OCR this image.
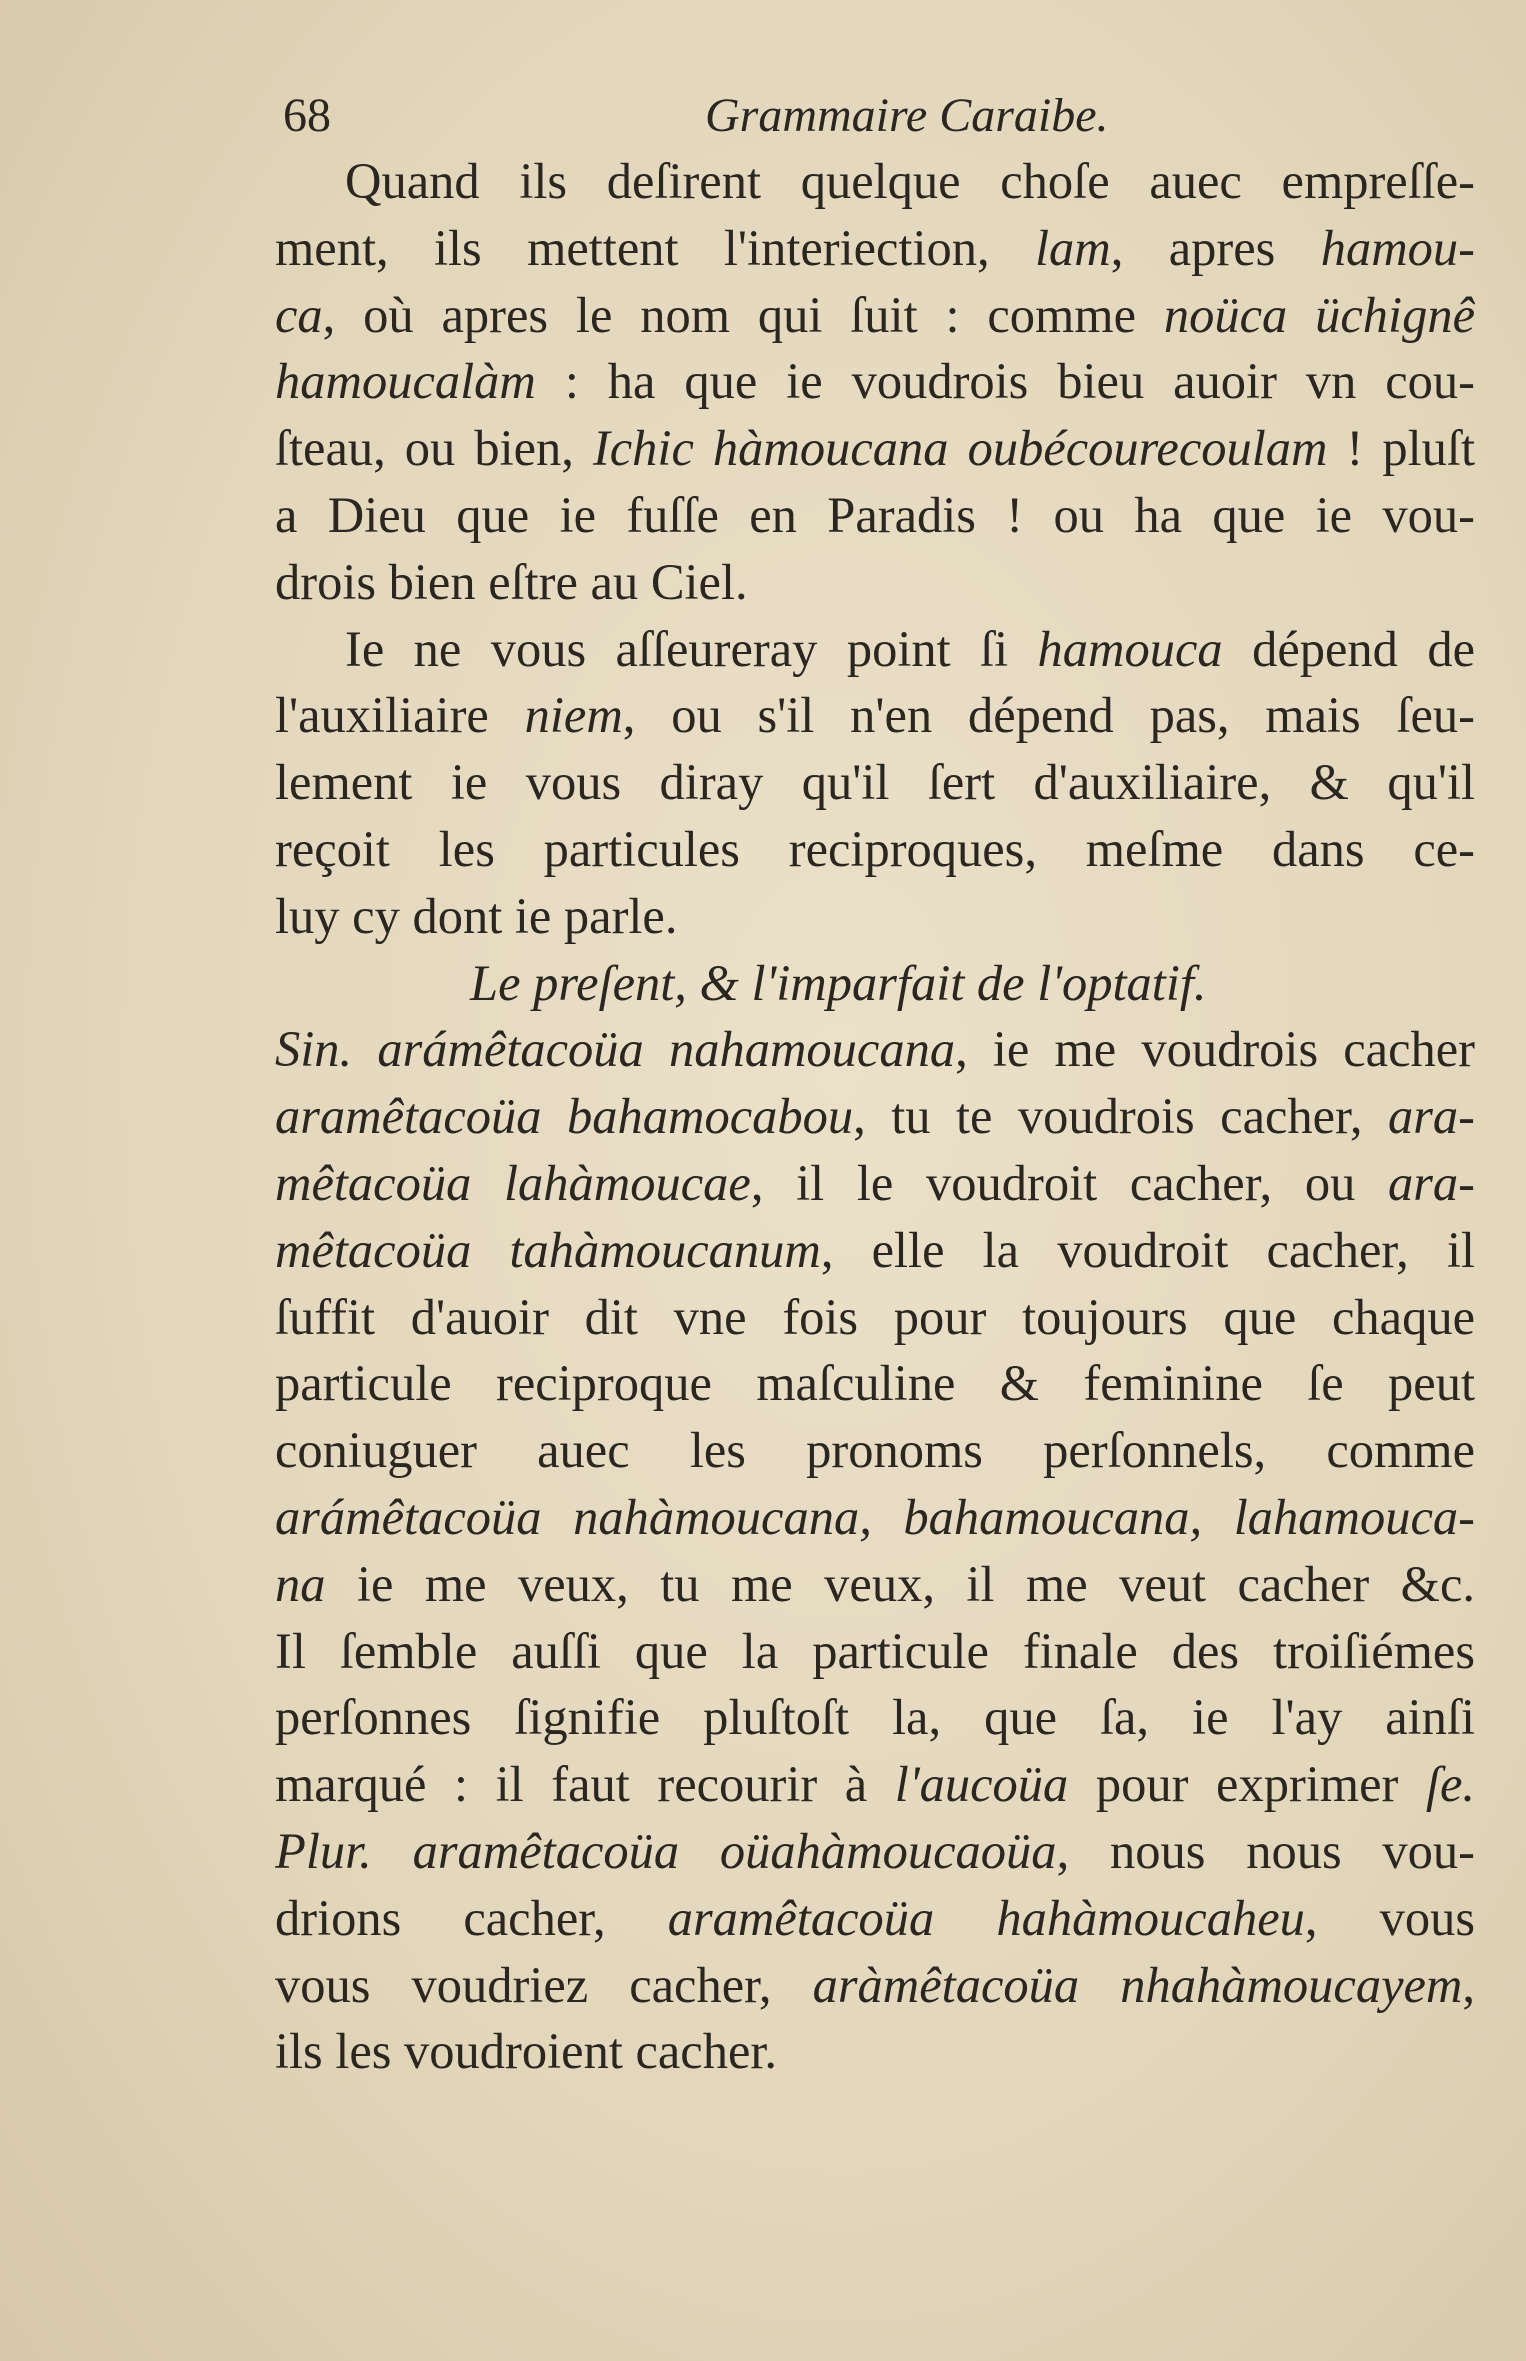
68	Grammaire Caraibe.
Quand ils deſirent quelque choſe auec empreſſe-
ment, ils mettent l'interiection, lam, apres hamou-
ca, où apres le nom qui ſuit : comme noüca üchignê
hamoucalàm : ha que ie voudrois bieu auoir vn cou-
ſteau, ou bien, Ichic hàmoucana oubécourecoulam ! pluſt
a Dieu que ie fuſſe en Paradis ! ou ha que ie vou-
drois bien eſtre au Ciel.
Ie ne vous aſſeureray point ſi hamouca dépend de
l'auxiliaire niem, ou s'il n'en dépend pas, mais ſeu-
lement ie vous diray qu'il ſert d'auxiliaire, & qu'il
reçoit les particules reciproques, meſme dans ce-
luy cy dont ie parle.
Le preſent, & l'imparfait de l'optatif.
Sin. arámêtacoüa nahamoucana, ie me voudrois cacher
aramêtacoüa bahamocabou, tu te voudrois cacher, ara-
mêtacoüa lahàmoucae, il le voudroit cacher, ou ara-
mêtacoüa tahàmoucanum, elle la voudroit cacher, il
ſuffit d'auoir dit vne fois pour toujours que chaque
particule reciproque maſculine & feminine ſe peut
coniuguer auec les pronoms perſonnels, comme
arámêtacoüa nahàmoucana, bahamoucana, lahamouca-
na ie me veux, tu me veux, il me veut cacher &c.
Il ſemble auſſi que la particule finale des troiſiémes
perſonnes ſignifie pluſtoſt la, que ſa, ie l'ay ainſi
marqué : il faut recourir à l'aucoüa pour exprimer ſe.
Plur. aramêtacoüa oüahàmoucaoüa, nous nous vou-
drions cacher, aramêtacoüa hahàmoucaheu, vous
vous voudriez cacher, aràmêtacoüa nhahàmoucayem,
ils les voudroient cacher.
